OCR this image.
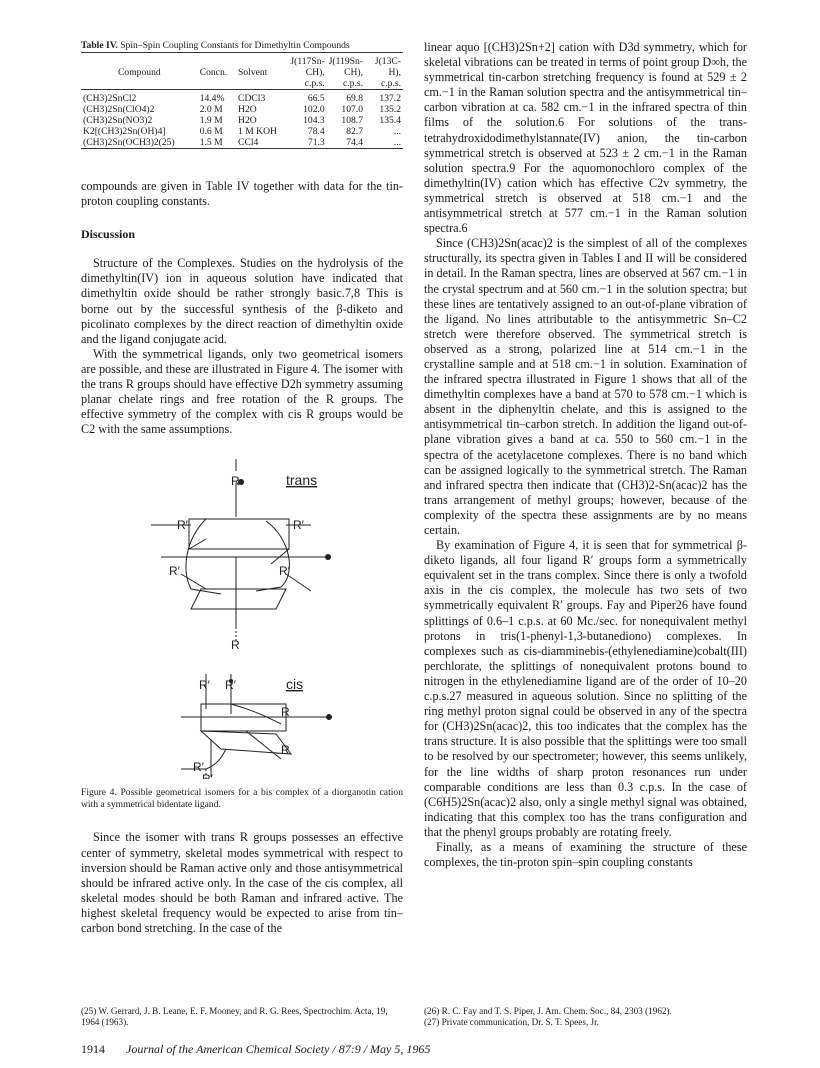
Table IV. Spin–Spin Coupling Constants for Dimethyltin Compounds
Compound	Concn.	Solvent	J(117Sn-CH), c.p.s.	J(119Sn-CH), c.p.s.	J(13C-H), c.p.s.
(CH3)2SnCl2	14.4%	CDCl3	66.5	69.8	137.2
(CH3)2Sn(ClO4)2	2.0 M	H2O	102.0	107.0	135.2
(CH3)2Sn(NO3)2	1.9 M	H2O	104.3	108.7	135.4
K2[(CH3)2Sn(OH)4]	0.6 M	1 M KOH	78.4	82.7	...
(CH3)2Sn(OCH3)2(25)	1.5 M	CCl4	71.3	74.4	...

compounds are given in Table IV together with data for the tin-proton coupling constants.

Discussion

Structure of the Complexes. Studies on the hydrolysis of the dimethyltin(IV) ion in aqueous solution have indicated that dimethyltin oxide should be rather strongly basic.7,8 This is borne out by the successful synthesis of the β-diketo and picolinato complexes by the direct reaction of dimethyltin oxide and the ligand conjugate acid.

With the symmetrical ligands, only two geometrical isomers are possible, and these are illustrated in Figure 4. The isomer with the trans R groups should have effective D2h symmetry assuming planar chelate rings and free rotation of the R groups. The effective symmetry of the complex with cis R groups would be C2 with the same assumptions.

trans
R
R′	R′
R′	R′
R
cis
R′ R′
R
R
R′
R′

Figure 4. Possible geometrical isomers for a bis complex of a diorganotin cation with a symmetrical bidentate ligand.

Since the isomer with trans R groups possesses an effective center of symmetry, skeletal modes symmetrical with respect to inversion should be Raman active only and those antisymmetrical should be infrared active only. In the case of the cis complex, all skeletal modes should be both Raman and infrared active. The highest skeletal frequency would be expected to arise from tin–carbon bond stretching. In the case of the

linear aquo [(CH3)2Sn+2] cation with D3d symmetry, which for skeletal vibrations can be treated in terms of point group D∞h, the symmetrical tin-carbon stretching frequency is found at 529 ± 2 cm.−1 in the Raman solution spectra and the antisymmetrical tin–carbon vibration at ca. 582 cm.−1 in the infrared spectra of thin films of the solution.6 For solutions of the trans-tetrahydroxidodimethylstannate(IV) anion, the tin-carbon symmetrical stretch is observed at 523 ± 2 cm.−1 in the Raman solution spectra.9 For the aquomonochloro complex of the dimethyltin(IV) cation which has effective C2v symmetry, the symmetrical stretch is observed at 518 cm.−1 and the antisymmetrical stretch at 577 cm.−1 in the Raman solution spectra.6

Since (CH3)2Sn(acac)2 is the simplest of all of the complexes structurally, its spectra given in Tables I and II will be considered in detail. In the Raman spectra, lines are observed at 567 cm.−1 in the crystal spectrum and at 560 cm.−1 in the solution spectra; but these lines are tentatively assigned to an out-of-plane vibration of the ligand. No lines attributable to the antisymmetric Sn–C2 stretch were therefore observed. The symmetrical stretch is observed as a strong, polarized line at 514 cm.−1 in the crystalline sample and at 518 cm.−1 in solution. Examination of the infrared spectra illustrated in Figure 1 shows that all of the dimethyltin complexes have a band at 570 to 578 cm.−1 which is absent in the diphenyltin chelate, and this is assigned to the antisymmetrical tin–carbon stretch. In addition the ligand out-of-plane vibration gives a band at ca. 550 to 560 cm.−1 in the spectra of the acetylacetone complexes. There is no band which can be assigned logically to the symmetrical stretch. The Raman and infrared spectra then indicate that (CH3)2-Sn(acac)2 has the trans arrangement of methyl groups; however, because of the complexity of the spectra these assignments are by no means certain.

By examination of Figure 4, it is seen that for symmetrical β-diketo ligands, all four ligand R′ groups form a symmetrically equivalent set in the trans complex. Since there is only a twofold axis in the cis complex, the molecule has two sets of two symmetrically equivalent R′ groups. Fay and Piper26 have found splittings of 0.6–1 c.p.s. at 60 Mc./sec. for nonequivalent methyl protons in tris(1-phenyl-1,3-butanediono) complexes. In complexes such as cis-diamminebis-(ethylenediamine)cobalt(III) perchlorate, the splittings of nonequivalent protons bound to nitrogen in the ethylenediamine ligand are of the order of 10–20 c.p.s.27 measured in aqueous solution. Since no splitting of the ring methyl proton signal could be observed in any of the spectra for (CH3)2Sn(acac)2, this too indicates that the complex has the trans structure. It is also possible that the splittings were too small to be resolved by our spectrometer; however, this seems unlikely, for the line widths of sharp proton resonances run under comparable conditions are less than 0.3 c.p.s. In the case of (C6H5)2Sn(acac)2 also, only a single methyl signal was obtained, indicating that this complex too has the trans configuration and that the phenyl groups probably are rotating freely.

Finally, as a means of examining the structure of these complexes, the tin-proton spin–spin coupling constants

(25) W. Gerrard, J. B. Leane, E. F. Mooney, and R. G. Rees, Spectrochim. Acta, 19, 1964 (1963).
(26) R. C. Fay and T. S. Piper, J. Am. Chem. Soc., 84, 2303 (1962).
(27) Private communication, Dr. S. T. Spees, Jr.
1914 Journal of the American Chemical Society / 87:9 / May 5, 1965
